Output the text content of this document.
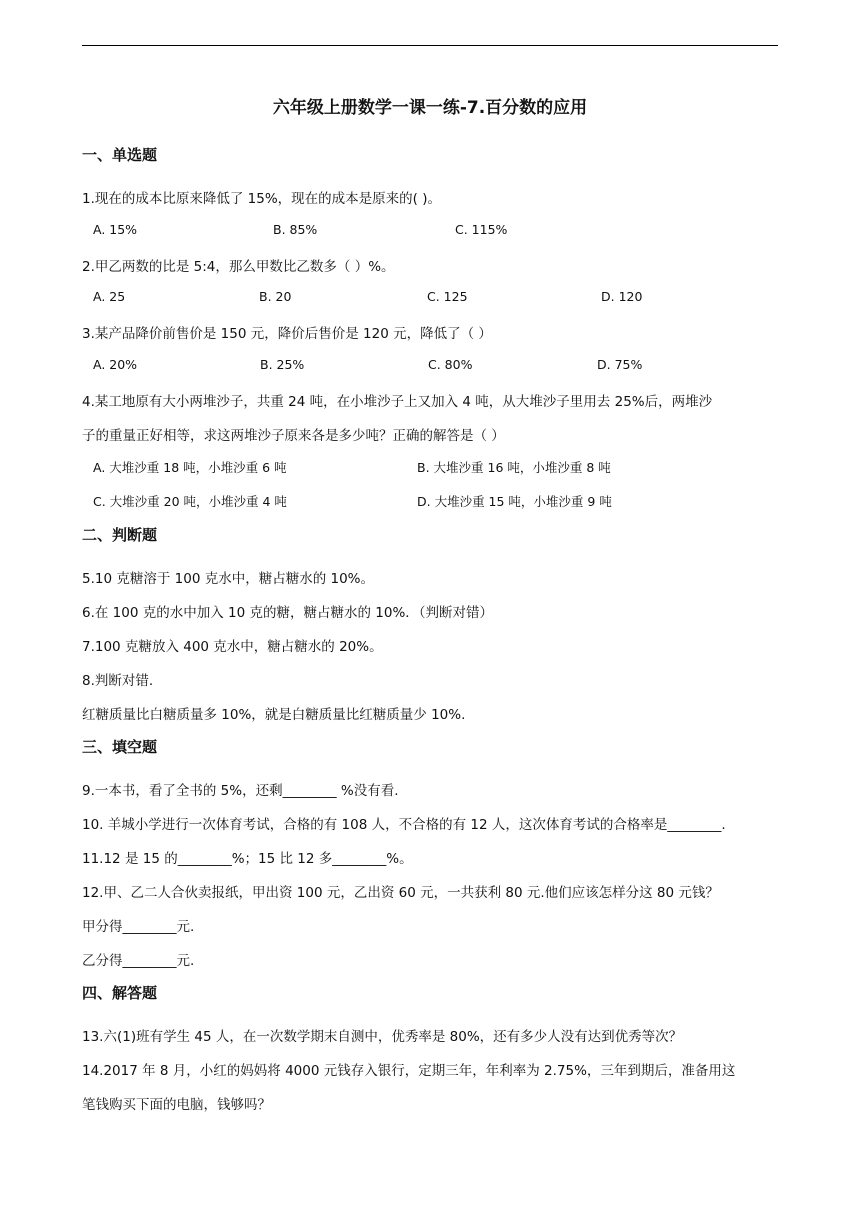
六年级上册数学一课一练-7.百分数的应用
一、单选题
1.现在的成本比原来降低了 15%，现在的成本是原来的( )。
A. 15%	B. 85%	C. 115%
2.甲乙两数的比是 5:4，那么甲数比乙数多（ ）%。
A. 25	B. 20	C. 125	D. 120
3.某产品降价前售价是 150 元，降价后售价是 120 元，降低了（ ）
A. 20%	B. 25%	C. 80%	D. 75%
4.某工地原有大小两堆沙子，共重 24 吨，在小堆沙子上又加入 4 吨，从大堆沙子里用去 25%后，两堆沙
子的重量正好相等，求这两堆沙子原来各是多少吨？正确的解答是（ ）
A. 大堆沙重 18 吨，小堆沙重 6 吨	B. 大堆沙重 16 吨，小堆沙重 8 吨
C. 大堆沙重 20 吨，小堆沙重 4 吨	D. 大堆沙重 15 吨，小堆沙重 9 吨
二、判断题
5.10 克糖溶于 100 克水中，糖占糖水的 10%。
6.在 100 克的水中加入 10 克的糖，糖占糖水的 10%．（判断对错）
7.100 克糖放入 400 克水中，糖占糖水的 20%。
8.判断对错.
红糖质量比白糖质量多 10%，就是白糖质量比红糖质量少 10%.
三、填空题
9.一本书，看了全书的 5%，还剩________ %没有看.
10. 羊城小学进行一次体育考试，合格的有 108 人，不合格的有 12 人，这次体育考试的合格率是________.
11.12 是 15 的________%；15 比 12 多________%。
12.甲、乙二人合伙卖报纸，甲出资 100 元，乙出资 60 元，一共获利 80 元.他们应该怎样分这 80 元钱？
甲分得________元.
乙分得________元.
四、解答题
13.六(1)班有学生 45 人，在一次数学期末自测中，优秀率是 80%，还有多少人没有达到优秀等次？
14.2017 年 8 月，小红的妈妈将 4000 元钱存入银行，定期三年，年利率为 2.75%，三年到期后，准备用这
笔钱购买下面的电脑，钱够吗？
